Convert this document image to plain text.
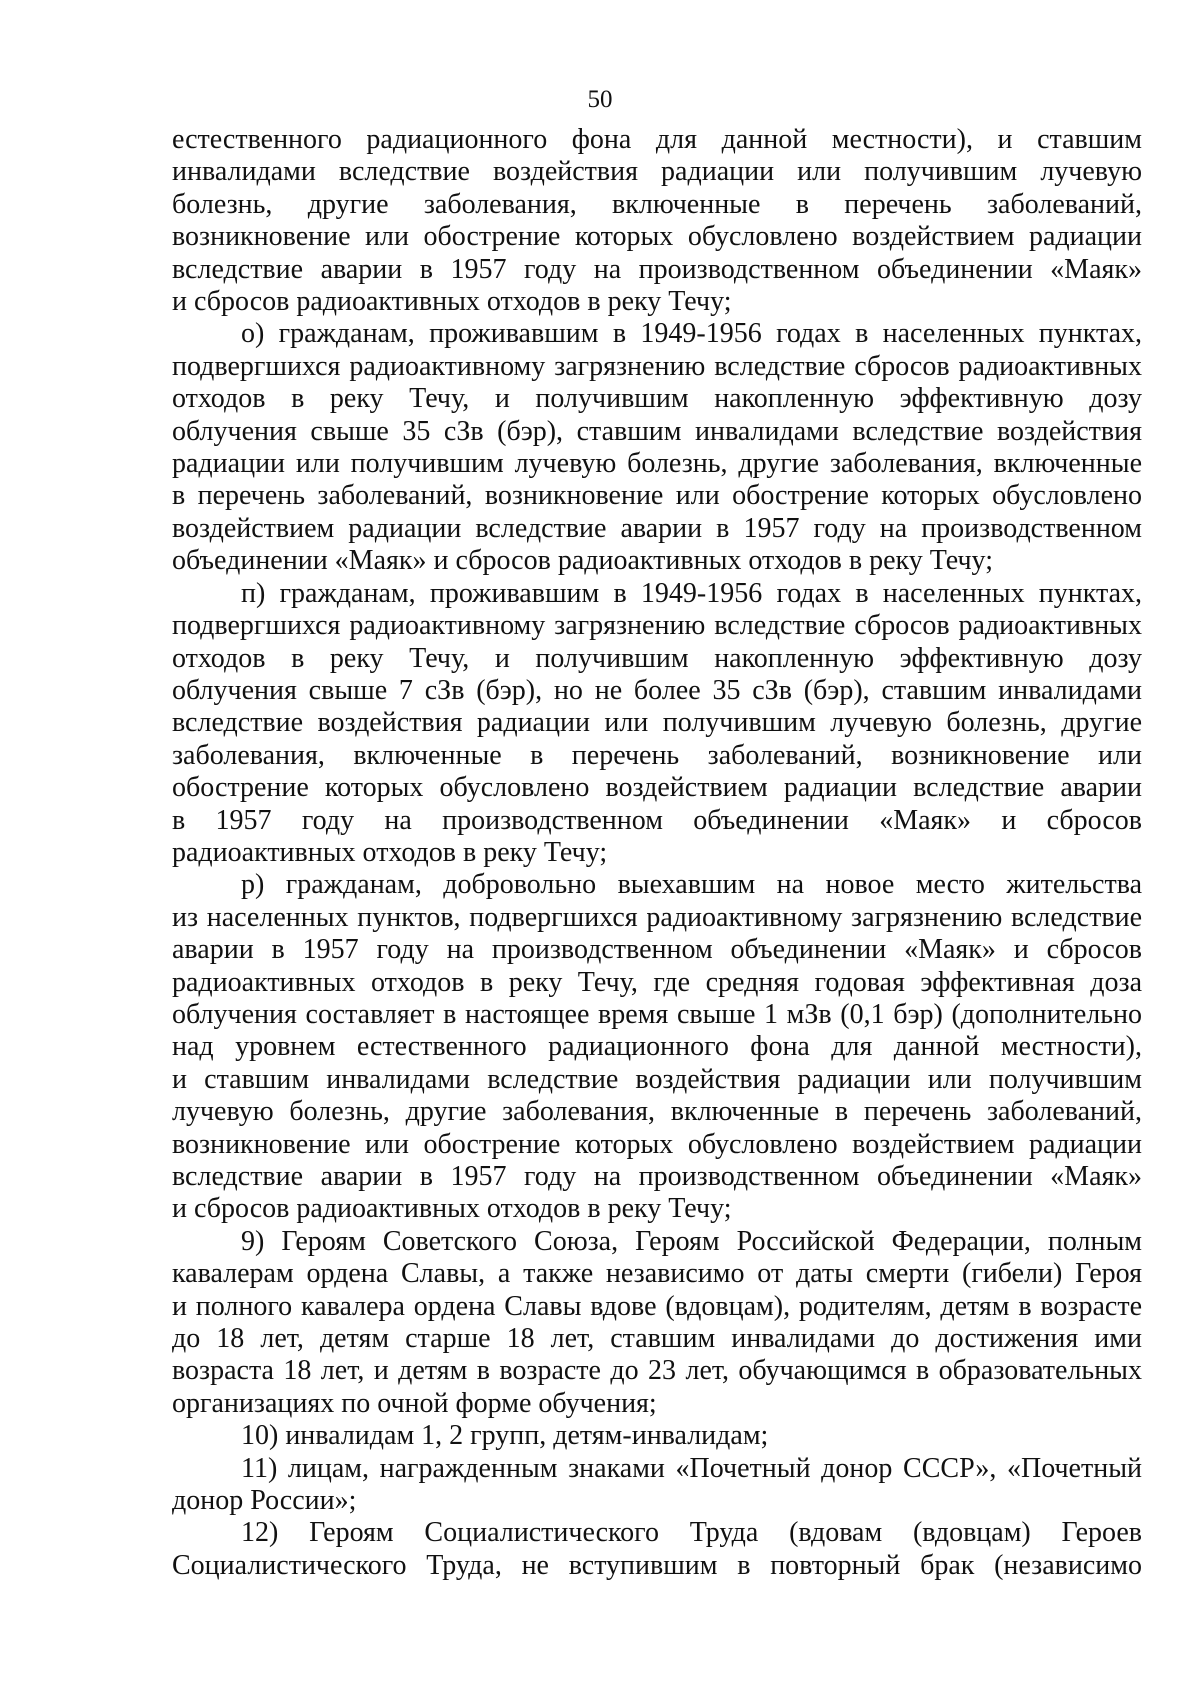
50
естественного радиационного фона для данной местности), и ставшим
инвалидами вследствие воздействия радиации или получившим лучевую
болезнь, другие заболевания, включенные в перечень заболеваний,
возникновение или обострение которых обусловлено воздействием радиации
вследствие аварии в 1957 году на производственном объединении «Маяк»
и сбросов радиоактивных отходов в реку Течу;
о) гражданам, проживавшим в 1949-1956 годах в населенных пунктах,
подвергшихся радиоактивному загрязнению вследствие сбросов радиоактивных
отходов в реку Течу, и получившим накопленную эффективную дозу
облучения свыше 35 сЗв (бэр), ставшим инвалидами вследствие воздействия
радиации или получившим лучевую болезнь, другие заболевания, включенные
в перечень заболеваний, возникновение или обострение которых обусловлено
воздействием радиации вследствие аварии в 1957 году на производственном
объединении «Маяк» и сбросов радиоактивных отходов в реку Течу;
п) гражданам, проживавшим в 1949-1956 годах в населенных пунктах,
подвергшихся радиоактивному загрязнению вследствие сбросов радиоактивных
отходов в реку Течу, и получившим накопленную эффективную дозу
облучения свыше 7 сЗв (бэр), но не более 35 сЗв (бэр), ставшим инвалидами
вследствие воздействия радиации или получившим лучевую болезнь, другие
заболевания, включенные в перечень заболеваний, возникновение или
обострение которых обусловлено воздействием радиации вследствие аварии
в 1957 году на производственном объединении «Маяк» и сбросов
радиоактивных отходов в реку Течу;
р) гражданам, добровольно выехавшим на новое место жительства
из населенных пунктов, подвергшихся радиоактивному загрязнению вследствие
аварии в 1957 году на производственном объединении «Маяк» и сбросов
радиоактивных отходов в реку Течу, где средняя годовая эффективная доза
облучения составляет в настоящее время свыше 1 мЗв (0,1 бэр) (дополнительно
над уровнем естественного радиационного фона для данной местности),
и ставшим инвалидами вследствие воздействия радиации или получившим
лучевую болезнь, другие заболевания, включенные в перечень заболеваний,
возникновение или обострение которых обусловлено воздействием радиации
вследствие аварии в 1957 году на производственном объединении «Маяк»
и сбросов радиоактивных отходов в реку Течу;
9) Героям Советского Союза, Героям Российской Федерации, полным
кавалерам ордена Славы, а также независимо от даты смерти (гибели) Героя
и полного кавалера ордена Славы вдове (вдовцам), родителям, детям в возрасте
до 18 лет, детям старше 18 лет, ставшим инвалидами до достижения ими
возраста 18 лет, и детям в возрасте до 23 лет, обучающимся в образовательных
организациях по очной форме обучения;
10) инвалидам 1, 2 групп, детям-инвалидам;
11) лицам, награжденным знаками «Почетный донор СССР», «Почетный
донор России»;
12) Героям Социалистического Труда (вдовам (вдовцам) Героев
Социалистического Труда, не вступившим в повторный брак (независимо
